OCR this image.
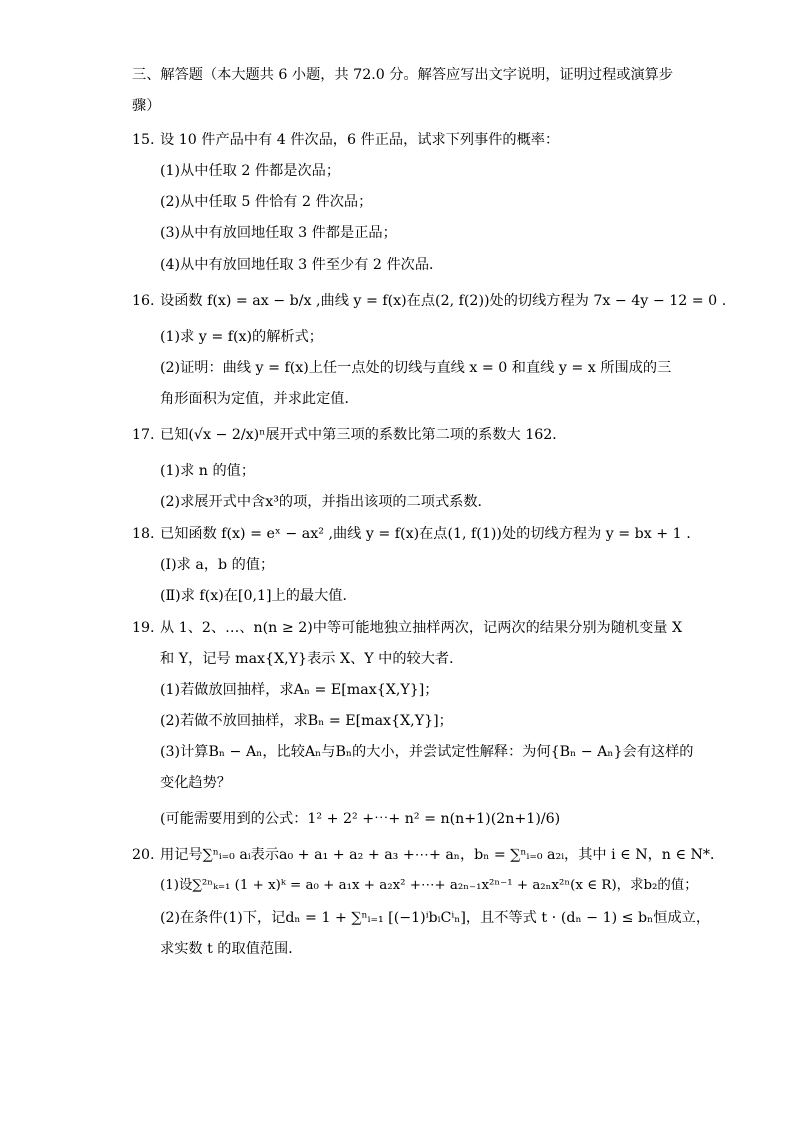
三、解答题（本大题共 6 小题，共 72.0 分。解答应写出文字说明，证明过程或演算步
骤）
15. 设 10 件产品中有 4 件次品，6 件正品，试求下列事件的概率：
(1)从中任取 2 件都是次品；
(2)从中任取 5 件恰有 2 件次品；
(3)从中有放回地任取 3 件都是正品；
(4)从中有放回地任取 3 件至少有 2 件次品．
16. 设函数 f(x) = ax − b/x ,曲线 y = f(x)在点(2, f(2))处的切线方程为 7x − 4y − 12 = 0 .
(1)求 y = f(x)的解析式；
(2)证明：曲线 y = f(x)上任一点处的切线与直线 x = 0 和直线 y = x 所围成的三
角形面积为定值，并求此定值．
17. 已知(√x − 2/x)ⁿ展开式中第三项的系数比第二项的系数大 162．
(1)求 n 的值；
(2)求展开式中含x³的项，并指出该项的二项式系数．
18. 已知函数 f(x) = eˣ − ax² ,曲线 y = f(x)在点(1, f(1))处的切线方程为 y = bx + 1 .
(Ⅰ)求 a，b 的值；
(Ⅱ)求 f(x)在[0,1]上的最大值．
19. 从 1、2、…、n(n ≥ 2)中等可能地独立抽样两次，记两次的结果分别为随机变量 X
和 Y，记号 max{X,Y}表示 X、Y 中的较大者．
(1)若做放回抽样，求Aₙ = E[max{X,Y}]；
(2)若做不放回抽样，求Bₙ = E[max{X,Y}]；
(3)计算Bₙ − Aₙ，比较Aₙ与Bₙ的大小，并尝试定性解释：为何{Bₙ − Aₙ}会有这样的
变化趋势？
(可能需要用到的公式：1² + 2² +⋯+ n² = n(n+1)(2n+1)/6)
20. 用记号∑ⁿᵢ₌₀ aᵢ表示a₀ + a₁ + a₂ + a₃ +⋯+ aₙ，bₙ = ∑ⁿᵢ₌₀ a₂ᵢ，其中 i ∈ N，n ∈ N*．
(1)设∑²ⁿₖ₌₁ (1 + x)ᵏ = a₀ + a₁x + a₂x² +⋯+ a₂ₙ₋₁x²ⁿ⁻¹ + a₂ₙx²ⁿ(x ∈ R)，求b₂的值；
(2)在条件(1)下，记dₙ = 1 + ∑ⁿᵢ₌₁ [(−1)ⁱbᵢCⁱₙ]，且不等式 t ⋅ (dₙ − 1) ≤ bₙ恒成立，
求实数 t 的取值范围．
